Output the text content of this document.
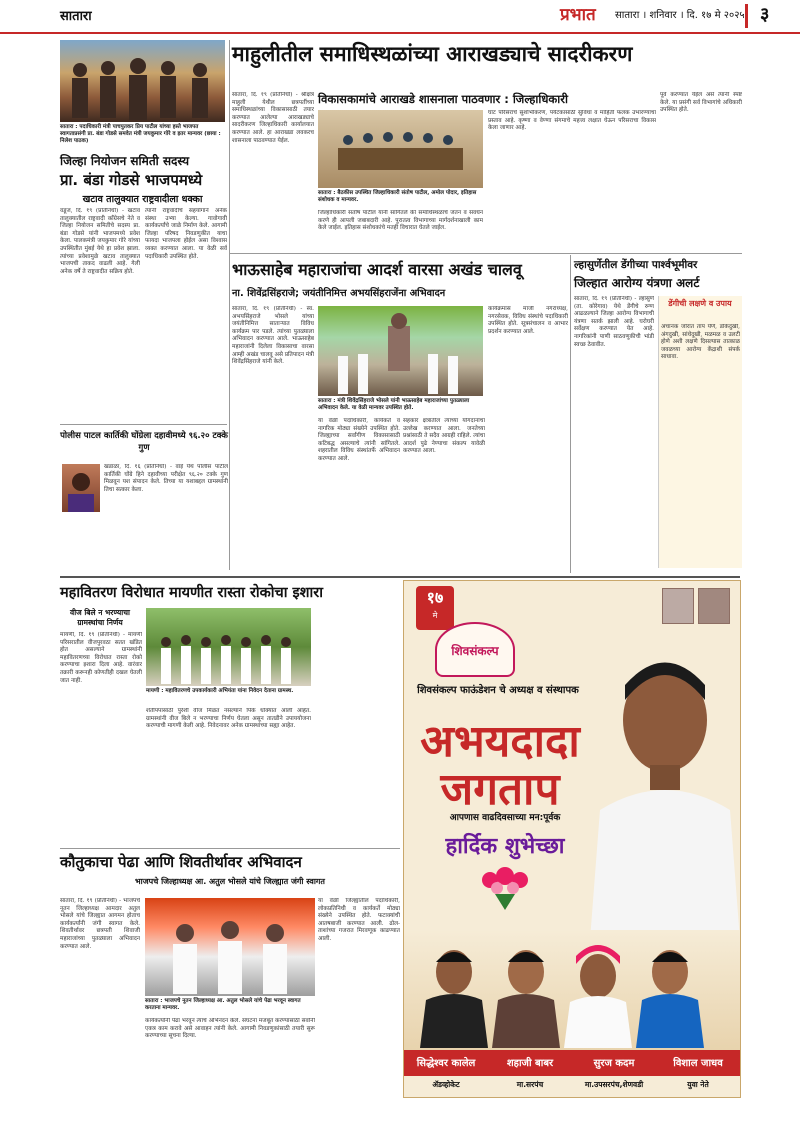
सातारा	प्रभात सातारा । शनिवार । दि. १७ मे २०२५ ३
सातारा : पदाधिकारी मंत्री पाचपुतकर प्रिय पाटील यांच्या हस्ते भाजपत स्वागताप्रसंगी प्रा. बंडा गोडसे समवेत मंत्री जयकुमार गोरे व इतर मान्यवर (छाया : निलेश पाठक)
जिल्हा नियोजन समिती सदस्य
प्रा. बंडा गोडसे भाजपमध्ये
खटाव तालुक्यात राष्ट्रवादीला धक्का
वडूज, दि. १९ (प्रतिनिधी) - खटाव तालुक्यातील राष्ट्रवादी काँग्रेसचे नेते व जिल्हा नियोजन समितीचे सदस्य प्रा. बंडा गोडसे यांनी भाजपमध्ये प्रवेश केला. पालकमंत्री जयकुमार गोरे यांच्या उपस्थितीत मुंबई येथे हा प्रवेश झाला. त्यांच्या प्रवेशामुळे खटाव तालुक्यात भाजपची ताकद वाढली आहे. गेली अनेक वर्षे ते राष्ट्रवादीत सक्रिय होते.
त्यांनी राष्ट्रवादीचे सहयोगाने अनेक संस्था उभ्या केल्या. गावोगावी कार्यकर्त्यांचे जाळे निर्माण केले. आगामी जिल्हा परिषद निवडणुकीत याचा फायदा भाजपला होईल असा विश्वास व्यक्त करण्यात आला. या वेळी सर्व पदाधिकारी उपस्थित होते.
पोलीस पाटल कार्तिकी घोंग्रेला दहावीमध्ये ९६.२० टक्के गुण
खंडाळा, दि. १६ (प्रतिनिधी) - वाई येथे पोलीस पाटील कार्तिकी घोंग्रे हिने दहावीच्या परीक्षेत ९६.२० टक्के गुण मिळवून यश संपादन केले. तिच्या या यशाबद्दल ग्रामस्थांनी तिचा सत्कार केला.
माहुलीतील समाधिस्थळांच्या आराखड्याचे सादरीकरण
सातारा, दि. १९ (प्रतिनिधी) - श्रीक्षेत्र माहुली येथील छत्रपतींच्या समाधिस्थळांच्या विकासासाठी तयार करण्यात आलेल्या आराखड्याचे सादरीकरण जिल्हाधिकारी कार्यालयात करण्यात आले. हा आराखडा लवकरच शासनाला पाठवण्यात येईल.
विकासकामांचे आराखडे शासनाला पाठवणार : जिल्हाधिकारी
सातारा : बैठकीस उपस्थित जिल्हाधिकारी संतोष पाटील, अमोल पोदार, इतिहास संशोधक व मान्यवर.
जिल्हाधिकारी संतोष पाटील यांनी सांगितले की समाधिस्थळांचे जतन व संवर्धन करणे ही आपली जबाबदारी आहे. पुरातत्व विभागाच्या मार्गदर्शनाखाली काम केले जाईल. इतिहास संशोधकांचे मतही विचारात घेतले जाईल.
घाट परिसराचे सुशोभीकरण, पर्यटकांसाठी सुविधा व माहिती फलक उभारण्याचा प्रस्ताव आहे. कृष्णा व वेण्णा संगमाचे महत्त्व लक्षात घेऊन परिसराचा विकास केला जाणार आहे.
पूर्व करण्यात येईल असे त्यांनी स्पष्ट केले. या प्रसंगी सर्व विभागांचे अधिकारी उपस्थित होते.
भाऊसाहेब महाराजांचा आदर्श वारसा अखंड चालवू
ना. शिवेंद्रसिंहराजे; जयंतीनिमित्त अभयसिंहराजेंना अभिवादन
सातारा, दि. १९ (प्रतिनिधी) - स्व. अभयसिंहराजे भोसले यांच्या जयंतीनिमित्त साताऱ्यात विविध कार्यक्रम पार पडले. त्यांच्या पुतळ्याला अभिवादन करण्यात आले. भाऊसाहेब महाराजांनी दिलेला विकासाचा वारसा आम्ही अखंड चालवू असे प्रतिपादन मंत्री शिवेंद्रसिंहराजे यांनी केले.
सातारा : मंत्री शिवेंद्रसिंहराजे भोसले यांनी भाऊसाहेब महाराजांच्या पुतळ्याला अभिवादन केले. या वेळी मान्यवर उपस्थित होते.
या वेळी पदाधिकारी, कार्यकर्ते व नागरिक मोठ्या संख्येने उपस्थित होते. जिल्ह्याच्या सर्वांगीण विकासासाठी कटिबद्ध असल्याचे त्यांनी सांगितले. शहरातील विविध संस्थांतर्फे अभिवादन करण्यात आले.
सहकार क्षेत्रातील त्यांच्या योगदानाचा उल्लेख करण्यात आला. जनतेच्या प्रश्नांसाठी ते सदैव आग्रही राहिले. त्यांचा आदर्श पुढे नेण्याचा संकल्प यावेळी करण्यात आला.
कार्यक्रमास माजी नगराध्यक्ष, नगरसेवक, विविध संस्थांचे पदाधिकारी उपस्थित होते. सूत्रसंचालन व आभार प्रदर्शन करण्यात आले.
ल्हासुर्णेतील डेंगीच्या पार्श्वभूमीवर
जिल्हात आरोग्य यंत्रणा अलर्ट
सातारा, दि. १९ (प्रतिनिधी) - ल्हासुर्णे (ता. कोरेगाव) येथे डेंगीचे रुग्ण आढळल्याने जिल्हा आरोग्य विभागाची यंत्रणा सतर्क झाली आहे. घरोघरी सर्वेक्षण करण्यात येत आहे. नागरिकांनी पाणी साठवणुकीची भांडी स्वच्छ ठेवावीत.
डेंगीची लक्षणे व उपाय
अचानक जोरात ताप येणे, डोकेदुखी, अंगदुखी, सांधेदुखी, मळमळ व उलटी होणे अशी लक्षणे दिसल्यास तात्काळ जवळच्या आरोग्य केंद्राशी संपर्क साधावा.
महावितरण विरोधात मायणीत रास्ता रोकोचा इशारा
वीज बिले न भरण्याचा ग्रामस्थांचा निर्णय
मायणी, दि. १९ (प्रतिनिधी) - मायणी परिसरातील वीजपुरवठा सतत खंडित होत असल्याने ग्रामस्थांनी महावितरणच्या विरोधात रास्ता रोको करण्याचा इशारा दिला आहे. वारंवार तक्रारी करूनही कोणतीही दखल घेतली जात नाही.
मायणी : महावितरणचे उपकार्यकारी अभियंता यांना निवेदन देताना ग्रामस्थ.
शेतीपंपासाठी पुरेशी वीज मिळत नसल्याने पिके धोक्यात आली आहेत. ग्रामस्थांनी वीज बिले न भरण्याचा निर्णय घेतला असून तातडीने उपाययोजना करण्याची मागणी केली आहे. निवेदनावर अनेक ग्रामस्थांच्या सह्या आहेत.
कौतुकाचा पेढा आणि शिवतीर्थावर अभिवादन
भाजपचे जिल्हाध्यक्ष आ. अतुल भोसले यांचे जिल्ह्यात जंगी स्वागत
सातारा, दि. १९ (प्रतिनिधी) - भाजपचे नूतन जिल्हाध्यक्ष आमदार अतुल भोसले यांचे जिल्ह्यात आगमन होताच कार्यकर्त्यांनी जंगी स्वागत केले. शिवतीर्थावर छत्रपती शिवाजी महाराजांच्या पुतळ्याला अभिवादन करण्यात आले.
सातारा : भाजपचे नूतन जिल्हाध्यक्ष आ. अतुल भोसले यांचे पेढा भरवून स्वागत करताना मान्यवर.
कार्यकर्त्यांनी पेढा भरवून त्यांचे अभिनंदन केले. संघटना मजबूत करण्यासाठी सर्वांनी एकत्र काम करावे असे आवाहन त्यांनी केले. आगामी निवडणुकांसाठी तयारी सुरू करण्याच्या सूचना दिल्या.
या वेळी जिल्ह्यातील पदाधिकारी, लोकप्रतिनिधी व कार्यकर्ते मोठ्या संख्येने उपस्थित होते. फटाक्यांची आतषबाजी करण्यात आली. ढोल-ताशांच्या गजरात मिरवणूक काढण्यात आली.
१७
मे
शिवसंकल्प
शिवसंकल्प फाऊंडेशन चे अध्यक्ष व संस्थापक
अभयदादा जगताप
आपणास वाढदिवसाच्या मन:पूर्वक
हार्दिक शुभेच्छा
सिद्धेश्वर कालेल	शहाजी बाबर	सुरज कदम	विशाल जाधव
ॲडव्होकेट	मा.सरपंच	मा.उपसरपंच,शेणवडी	युवा नेते
